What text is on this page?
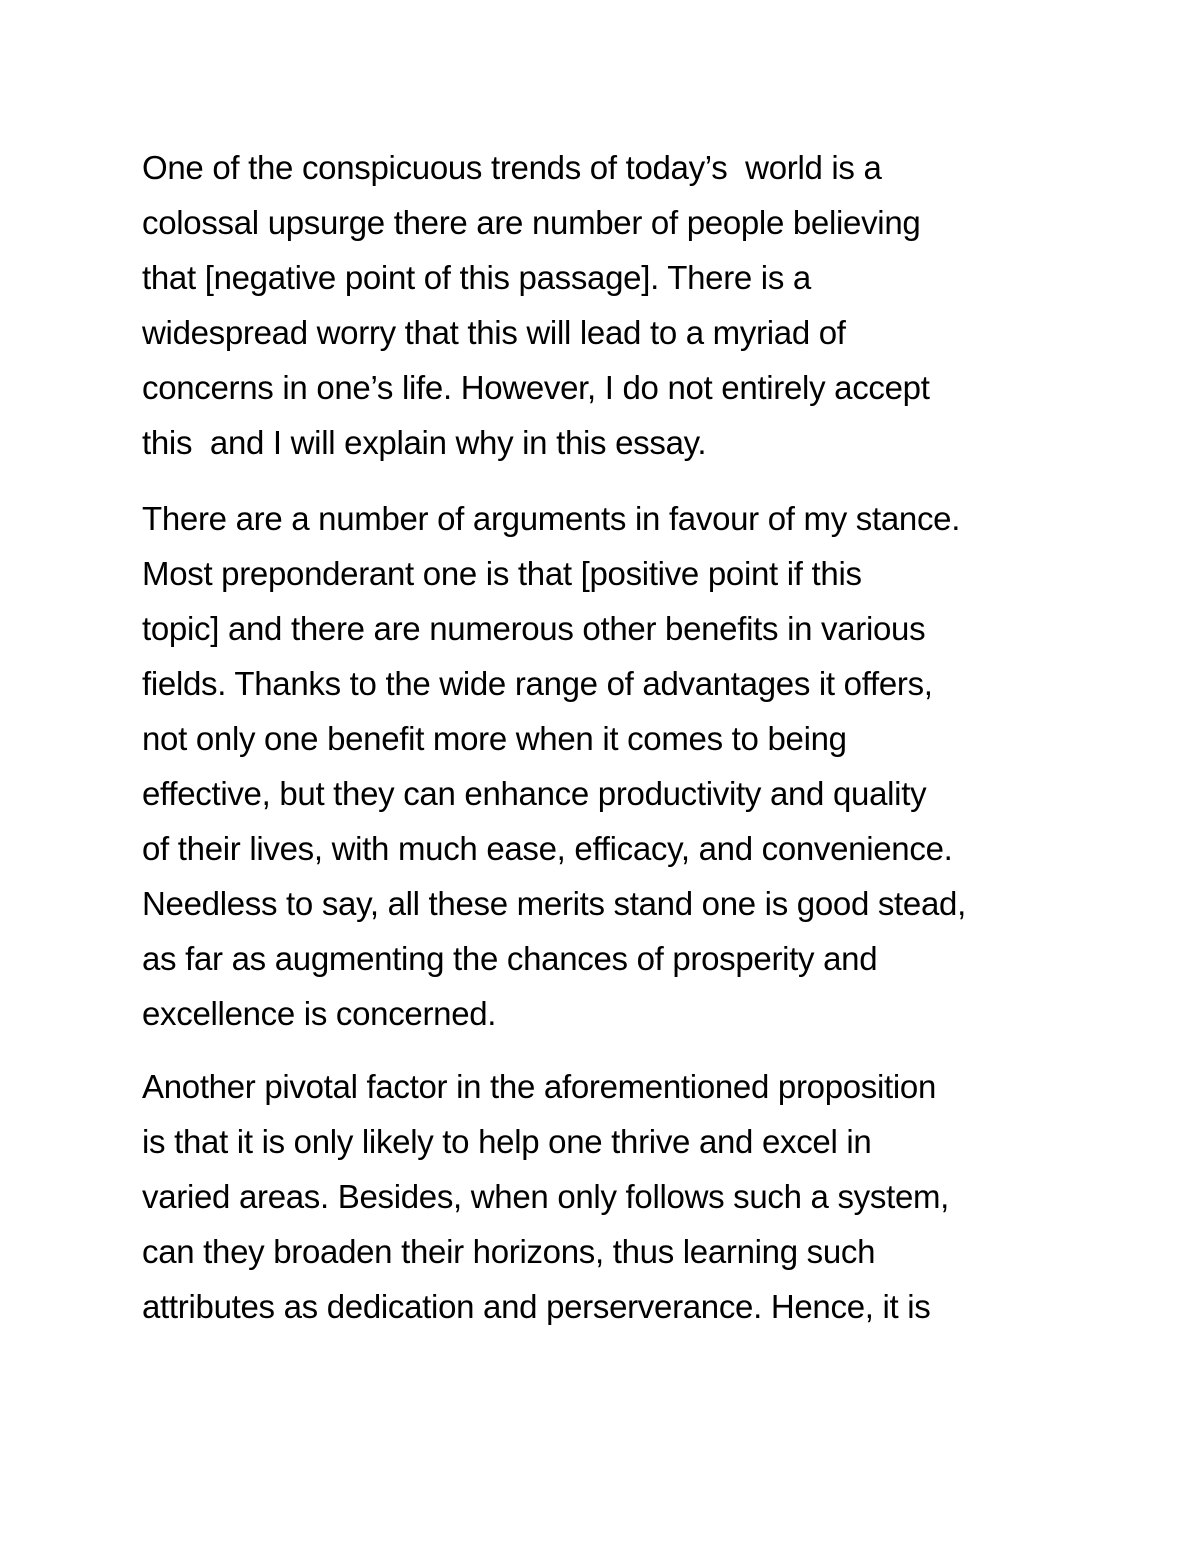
One of the conspicuous trends of today’s  world is a
colossal upsurge there are number of people believing
that [negative point of this passage]. There is a
widespread worry that this will lead to a myriad of
concerns in one’s life. However, I do not entirely accept
this  and I will explain why in this essay.
There are a number of arguments in favour of my stance.
Most preponderant one is that [positive point if this
topic] and there are numerous other benefits in various
fields. Thanks to the wide range of advantages it offers,
not only one benefit more when it comes to being
effective, but they can enhance productivity and quality
of their lives, with much ease, efficacy, and convenience.
Needless to say, all these merits stand one is good stead,
as far as augmenting the chances of prosperity and
excellence is concerned.
Another pivotal factor in the aforementioned proposition
is that it is only likely to help one thrive and excel in
varied areas. Besides, when only follows such a system,
can they broaden their horizons, thus learning such
attributes as dedication and perserverance. Hence, it is
